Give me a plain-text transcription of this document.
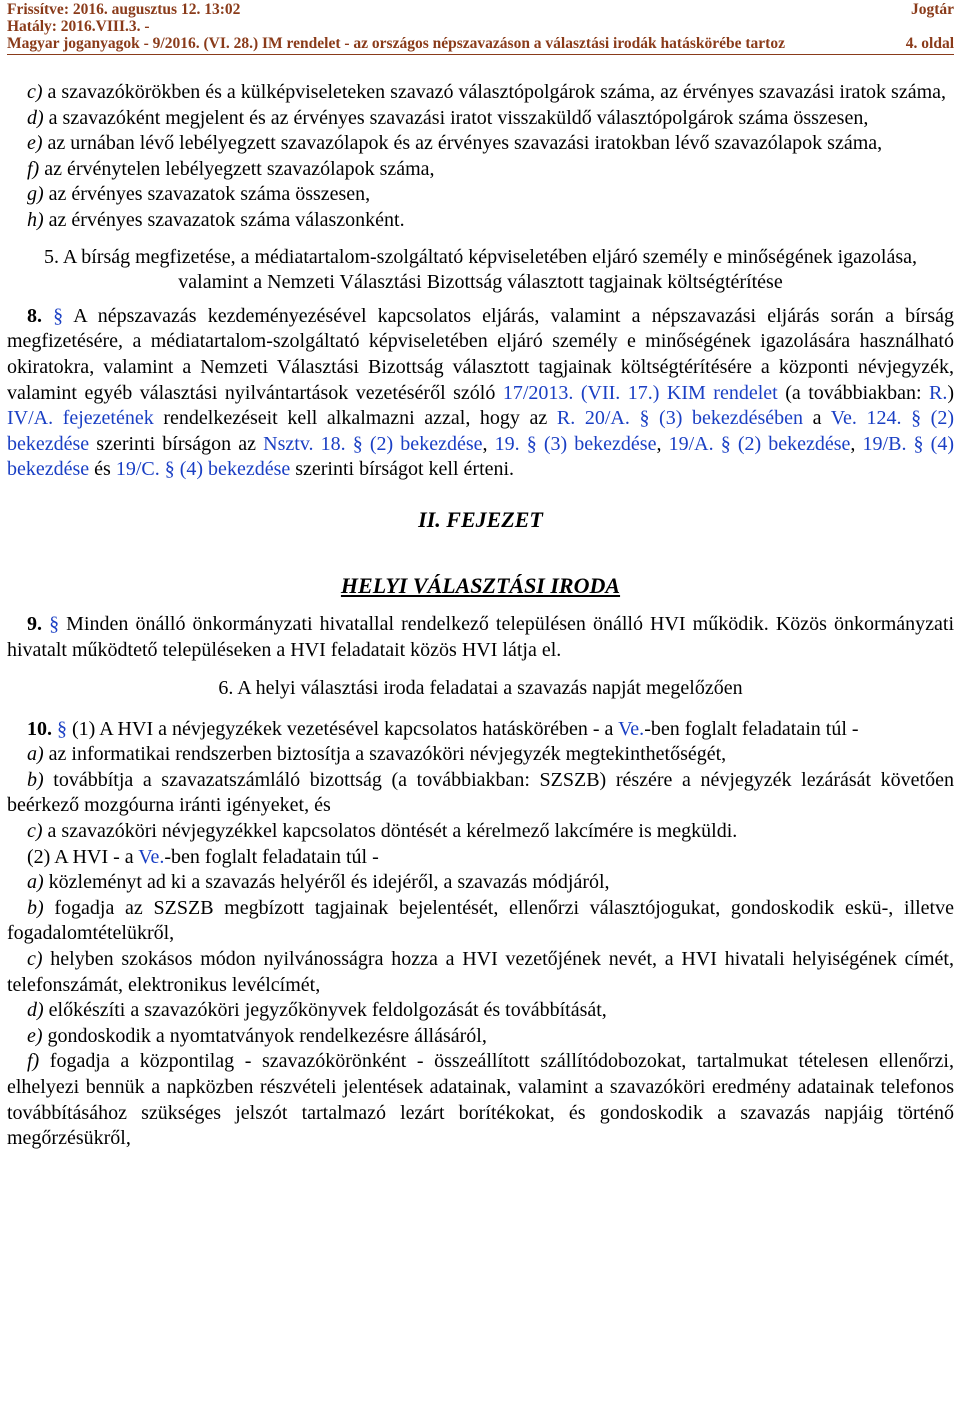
Frissítve: 2016. augusztus 12. 13:02	Jogtár
Hatály: 2016.VIII.3. -
Magyar joganyagok - 9/2016. (VI. 28.) IM rendelet - az országos népszavazáson a választási irodák hatáskörébe tartoz	4. oldal

c) a szavazókörökben és a külképviseleteken szavazó választópolgárok száma, az érvényes szavazási iratok száma,

d) a szavazóként megjelent és az érvényes szavazási iratot visszaküldő választópolgárok száma összesen,

e) az urnában lévő lebélyegzett szavazólapok és az érvényes szavazási iratokban lévő szavazólapok száma,

f) az érvénytelen lebélyegzett szavazólapok száma,

g) az érvényes szavazatok száma összesen,

h) az érvényes szavazatok száma válaszonként.

5. A bírság megfizetése, a médiatartalom-szolgáltató képviseletében eljáró személy e minőségének igazolása, valamint a Nemzeti Választási Bizottság választott tagjainak költségtérítése

8. § A népszavazás kezdeményezésével kapcsolatos eljárás, valamint a népszavazási eljárás során a bírság megfizetésére, a médiatartalom-szolgáltató képviseletében eljáró személy e minőségének igazolására használható okiratokra, valamint a Nemzeti Választási Bizottság választott tagjainak költségtérítésére a központi névjegyzék, valamint egyéb választási nyilvántartások vezetéséről szóló 17/2013. (VII. 17.) KIM rendelet (a továbbiakban: R.) IV/A. fejezetének rendelkezéseit kell alkalmazni azzal, hogy az R. 20/A. § (3) bekezdésében a Ve. 124. § (2) bekezdése szerinti bírságon az Nsztv. 18. § (2) bekezdése, 19. § (3) bekezdése, 19/A. § (2) bekezdése, 19/B. § (4) bekezdése és 19/C. § (4) bekezdése szerinti bírságot kell érteni.

II. FEJEZET
HELYI VÁLASZTÁSI IRODA

9. § Minden önálló önkormányzati hivatallal rendelkező településen önálló HVI működik. Közös önkormányzati hivatalt működtető településeken a HVI feladatait közös HVI látja el.

6. A helyi választási iroda feladatai a szavazás napját megelőzően

10. § (1) A HVI a névjegyzékek vezetésével kapcsolatos hatáskörében - a Ve.-ben foglalt feladatain túl -

a) az informatikai rendszerben biztosítja a szavazóköri névjegyzék megtekinthetőségét,

b) továbbítja a szavazatszámláló bizottság (a továbbiakban: SZSZB) részére a névjegyzék lezárását követően beérkező mozgóurna iránti igényeket, és

c) a szavazóköri névjegyzékkel kapcsolatos döntését a kérelmező lakcímére is megküldi.

(2) A HVI - a Ve.-ben foglalt feladatain túl -

a) közleményt ad ki a szavazás helyéről és idejéről, a szavazás módjáról,

b) fogadja az SZSZB megbízott tagjainak bejelentését, ellenőrzi választójogukat, gondoskodik eskü-, illetve fogadalomtételükről,

c) helyben szokásos módon nyilvánosságra hozza a HVI vezetőjének nevét, a HVI hivatali helyiségének címét, telefonszámát, elektronikus levélcímét,

d) előkészíti a szavazóköri jegyzőkönyvek feldolgozását és továbbítását,

e) gondoskodik a nyomtatványok rendelkezésre állásáról,

f) fogadja a központilag - szavazókörönként - összeállított szállítódobozokat, tartalmukat tételesen ellenőrzi, elhelyezi bennük a napközben részvételi jelentések adatainak, valamint a szavazóköri eredmény adatainak telefonos továbbításához szükséges jelszót tartalmazó lezárt borítékokat, és gondoskodik a szavazás napjáig történő megőrzésükről,
